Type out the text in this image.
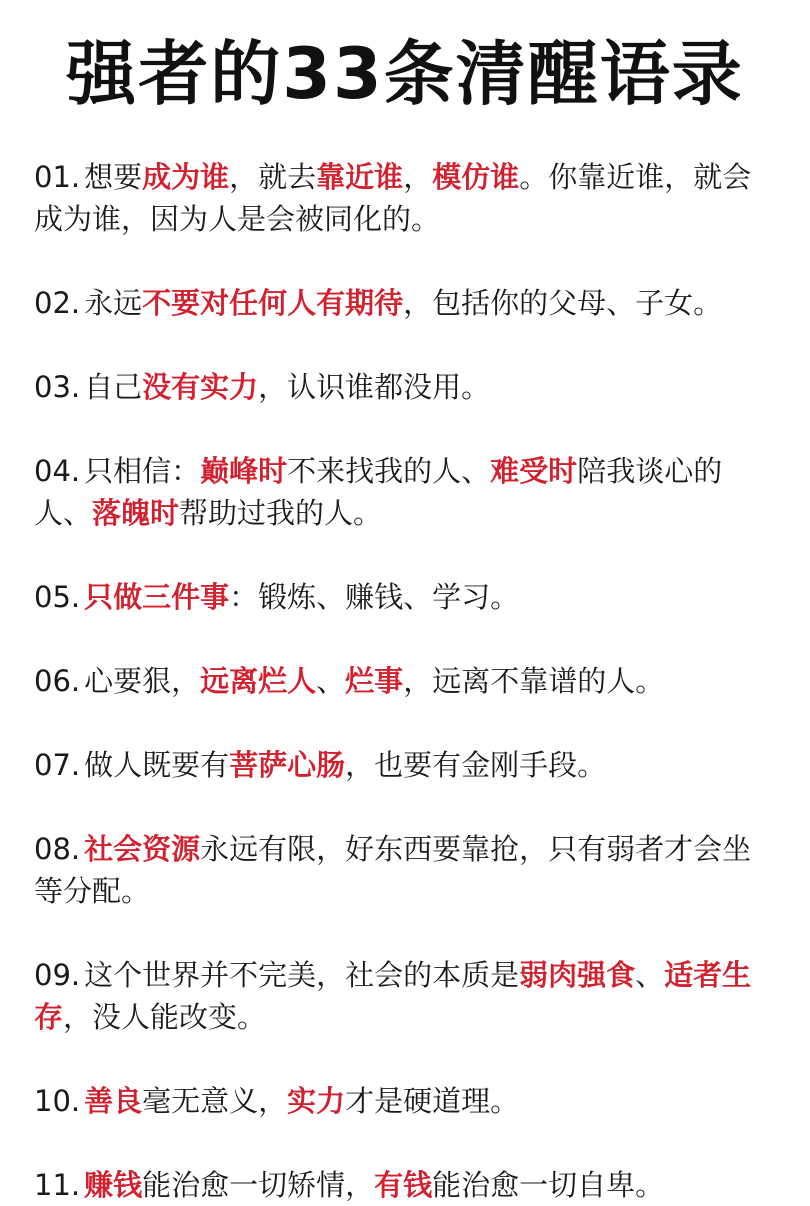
强者的33条清醒语录
01. 想要成为谁，就去靠近谁，模仿谁。你靠近谁，就会成为谁，因为人是会被同化的。
02. 永远不要对任何人有期待，包括你的父母、子女。
03. 自己没有实力，认识谁都没用。
04. 只相信：巅峰时不来找我的人、难受时陪我谈心的人、落魄时帮助过我的人。
05. 只做三件事：锻炼、赚钱、学习。
06. 心要狠，远离烂人、烂事，远离不靠谱的人。
07. 做人既要有菩萨心肠，也要有金刚手段。
08. 社会资源永远有限，好东西要靠抢，只有弱者才会坐等分配。
09. 这个世界并不完美，社会的本质是弱肉强食、适者生存，没人能改变。
10. 善良毫无意义，实力才是硬道理。
11. 赚钱能治愈一切矫情，有钱能治愈一切自卑。
